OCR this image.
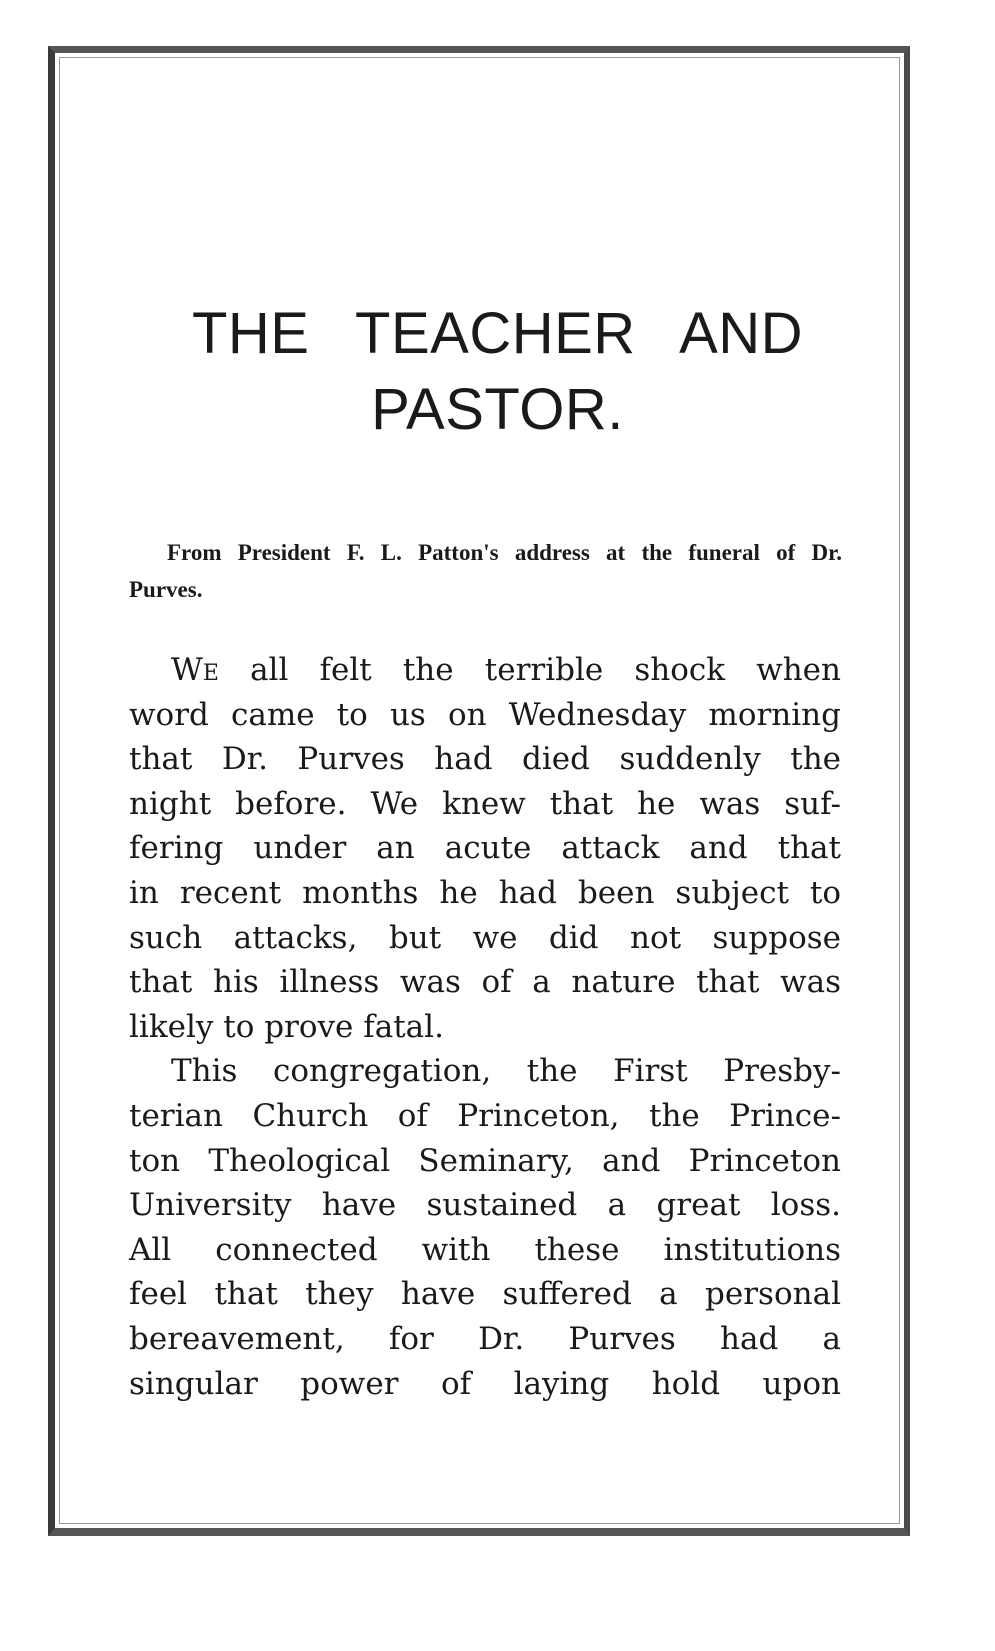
THE TEACHER AND
PASTOR.
From President F. L. Patton's address at the funeral of Dr. Purves.
We all felt the terrible shock when
word came to us on Wednesday morning
that Dr. Purves had died suddenly the
night before. We knew that he was suf-
fering under an acute attack and that
in recent months he had been subject to
such attacks, but we did not suppose
that his illness was of a nature that was
likely to prove fatal.
This congregation, the First Presby-
terian Church of Princeton, the Prince-
ton Theological Seminary, and Princeton
University have sustained a great loss.
All connected with these institutions
feel that they have suffered a personal
bereavement, for Dr. Purves had a
singular power of laying hold upon
